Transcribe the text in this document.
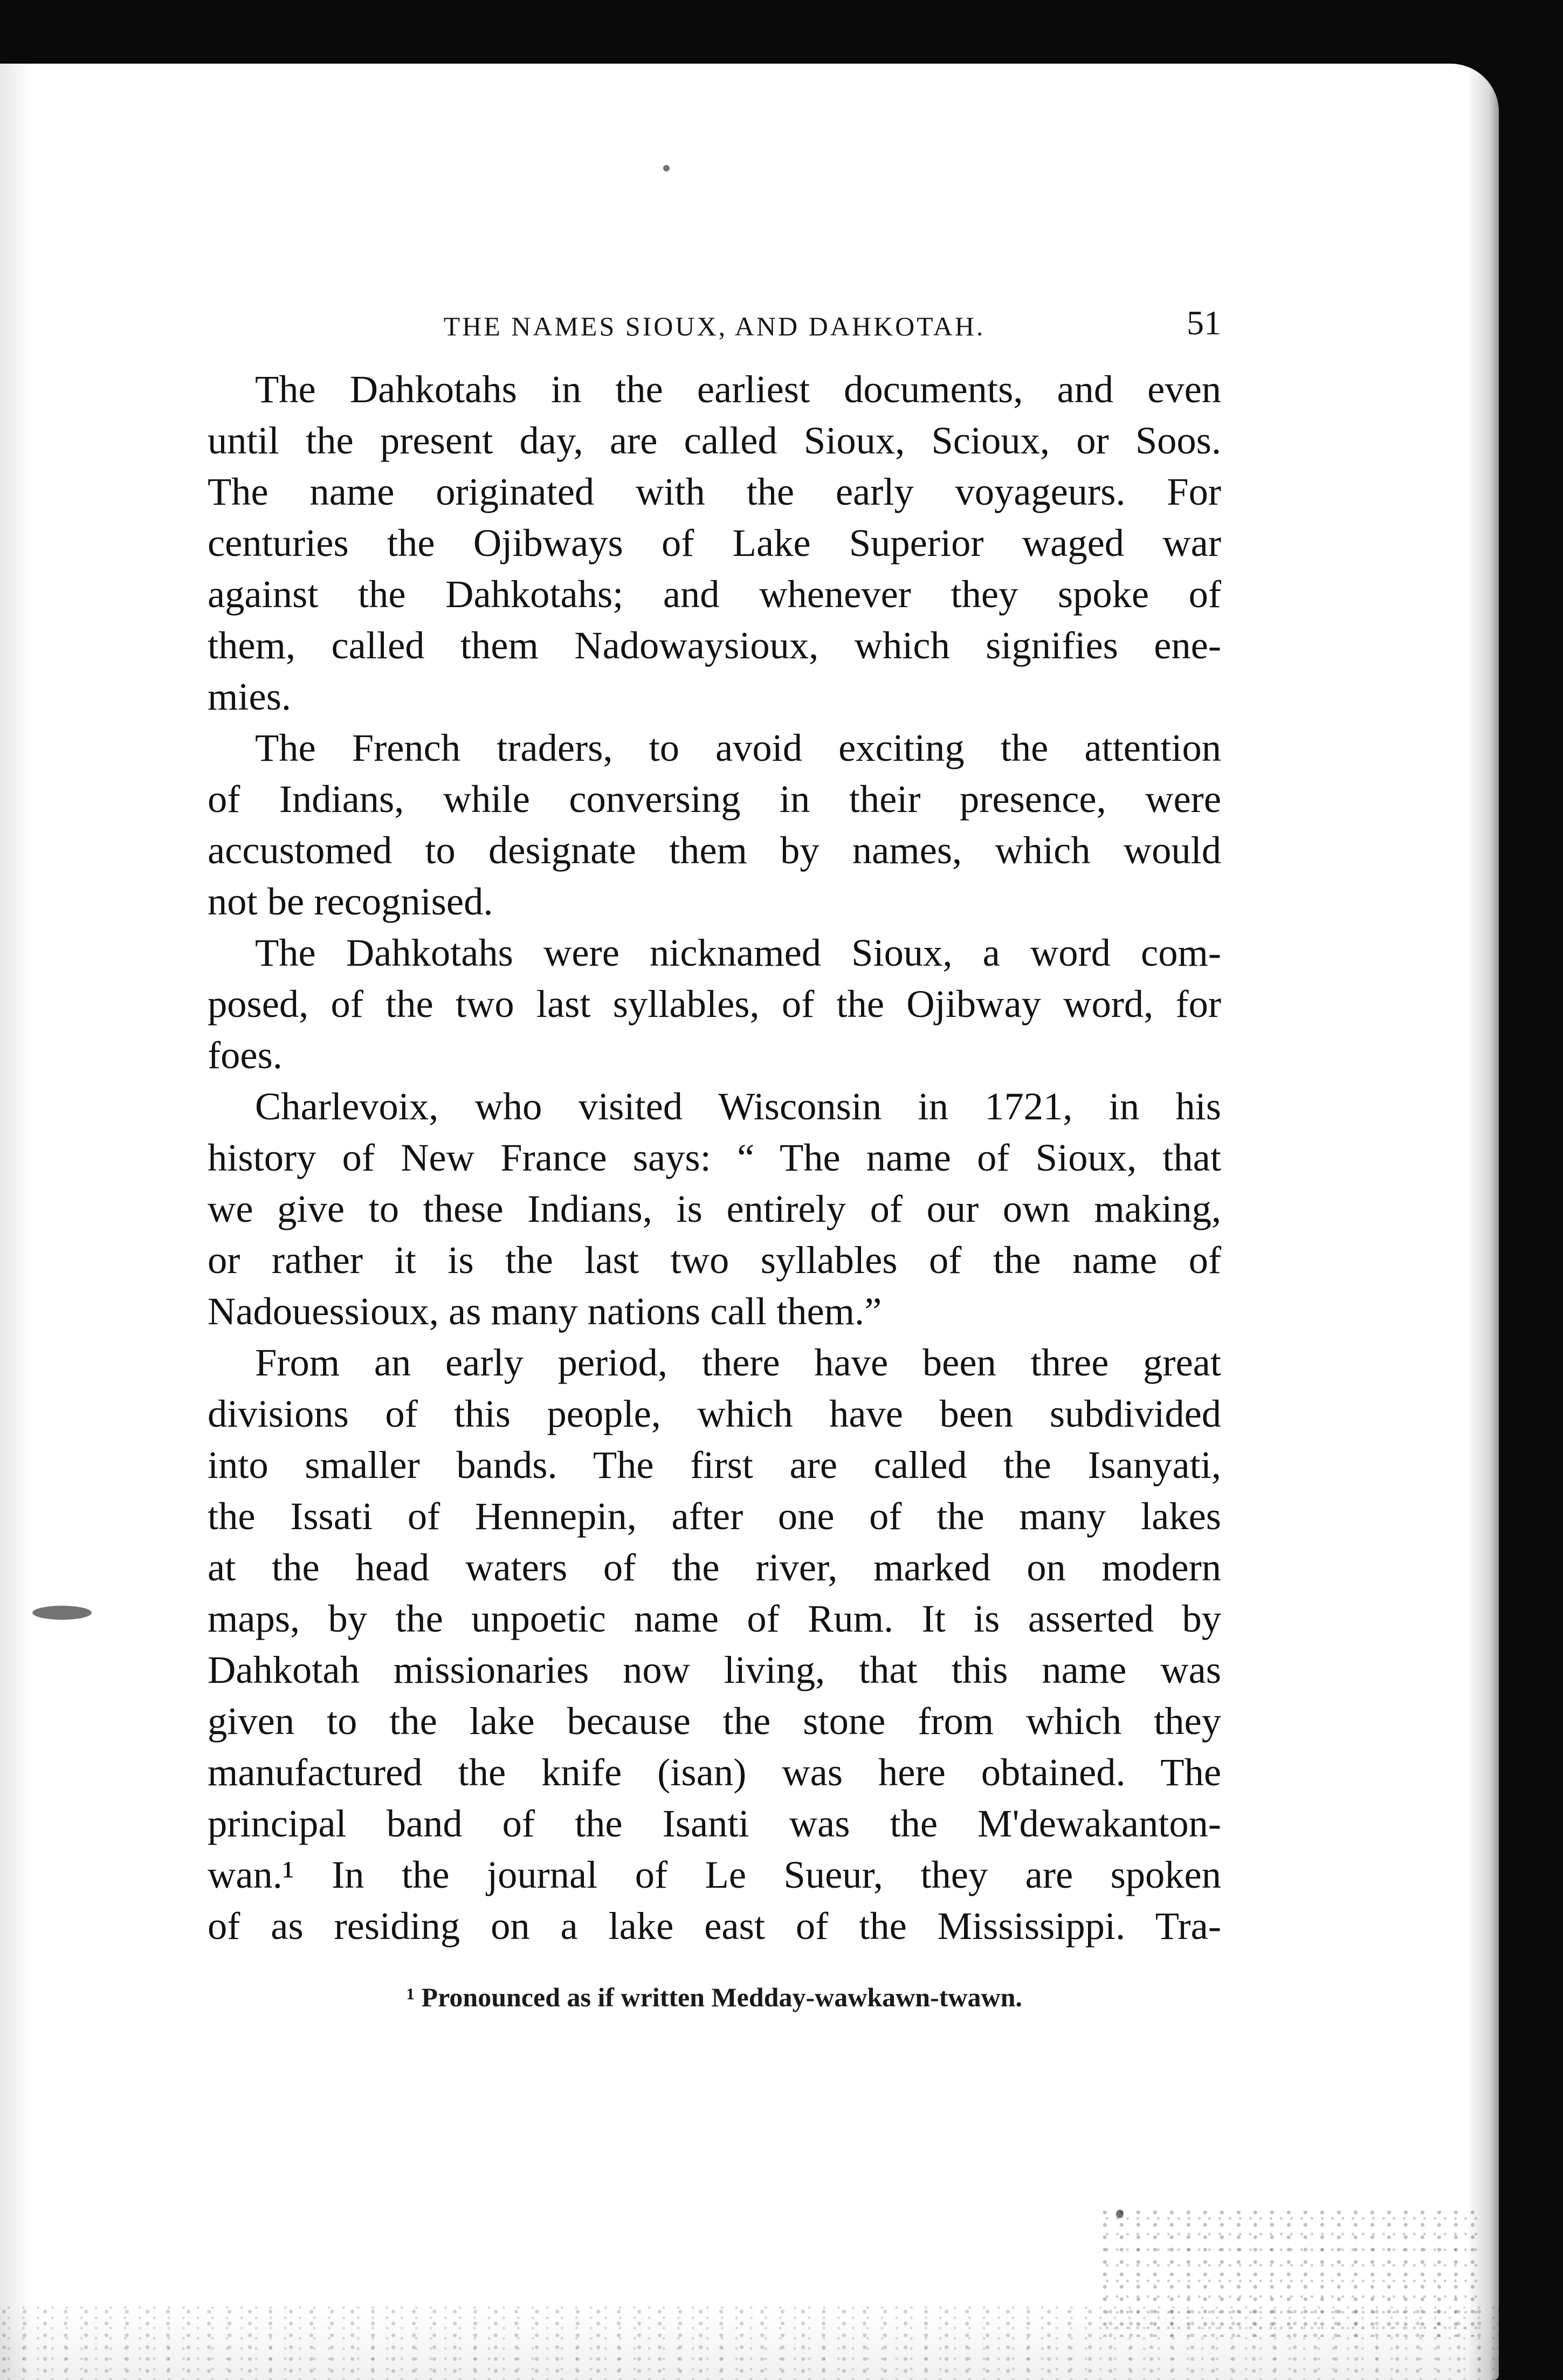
THE NAMES SIOUX, AND DAHKOTAH.	51

The Dahkotahs in the earliest documents, and even
until the present day, are called Sioux, Scioux, or Soos.
The name originated with the early voyageurs. For
centuries the Ojibways of Lake Superior waged war
against the Dahkotahs; and whenever they spoke of
them, called them Nadowaysioux, which signifies ene-
mies.

The French traders, to avoid exciting the attention
of Indians, while conversing in their presence, were
accustomed to designate them by names, which would
not be recognised.

The Dahkotahs were nicknamed Sioux, a word com-
posed, of the two last syllables, of the Ojibway word, for
foes.

Charlevoix, who visited Wisconsin in 1721, in his
history of New France says: “ The name of Sioux, that
we give to these Indians, is entirely of our own making,
or rather it is the last two syllables of the name of
Nadouessioux, as many nations call them.”

From an early period, there have been three great
divisions of this people, which have been subdivided
into smaller bands. The first are called the Isanyati,
the Issati of Hennepin, after one of the many lakes
at the head waters of the river, marked on modern
maps, by the unpoetic name of Rum. It is asserted by
Dahkotah missionaries now living, that this name was
given to the lake because the stone from which they
manufactured the knife (isan) was here obtained. The
principal band of the Isanti was the M'dewakanton-
wan.¹ In the journal of Le Sueur, they are spoken
of as residing on a lake east of the Mississippi. Tra-

¹ Pronounced as if written Medday-wawkawn-twawn.
